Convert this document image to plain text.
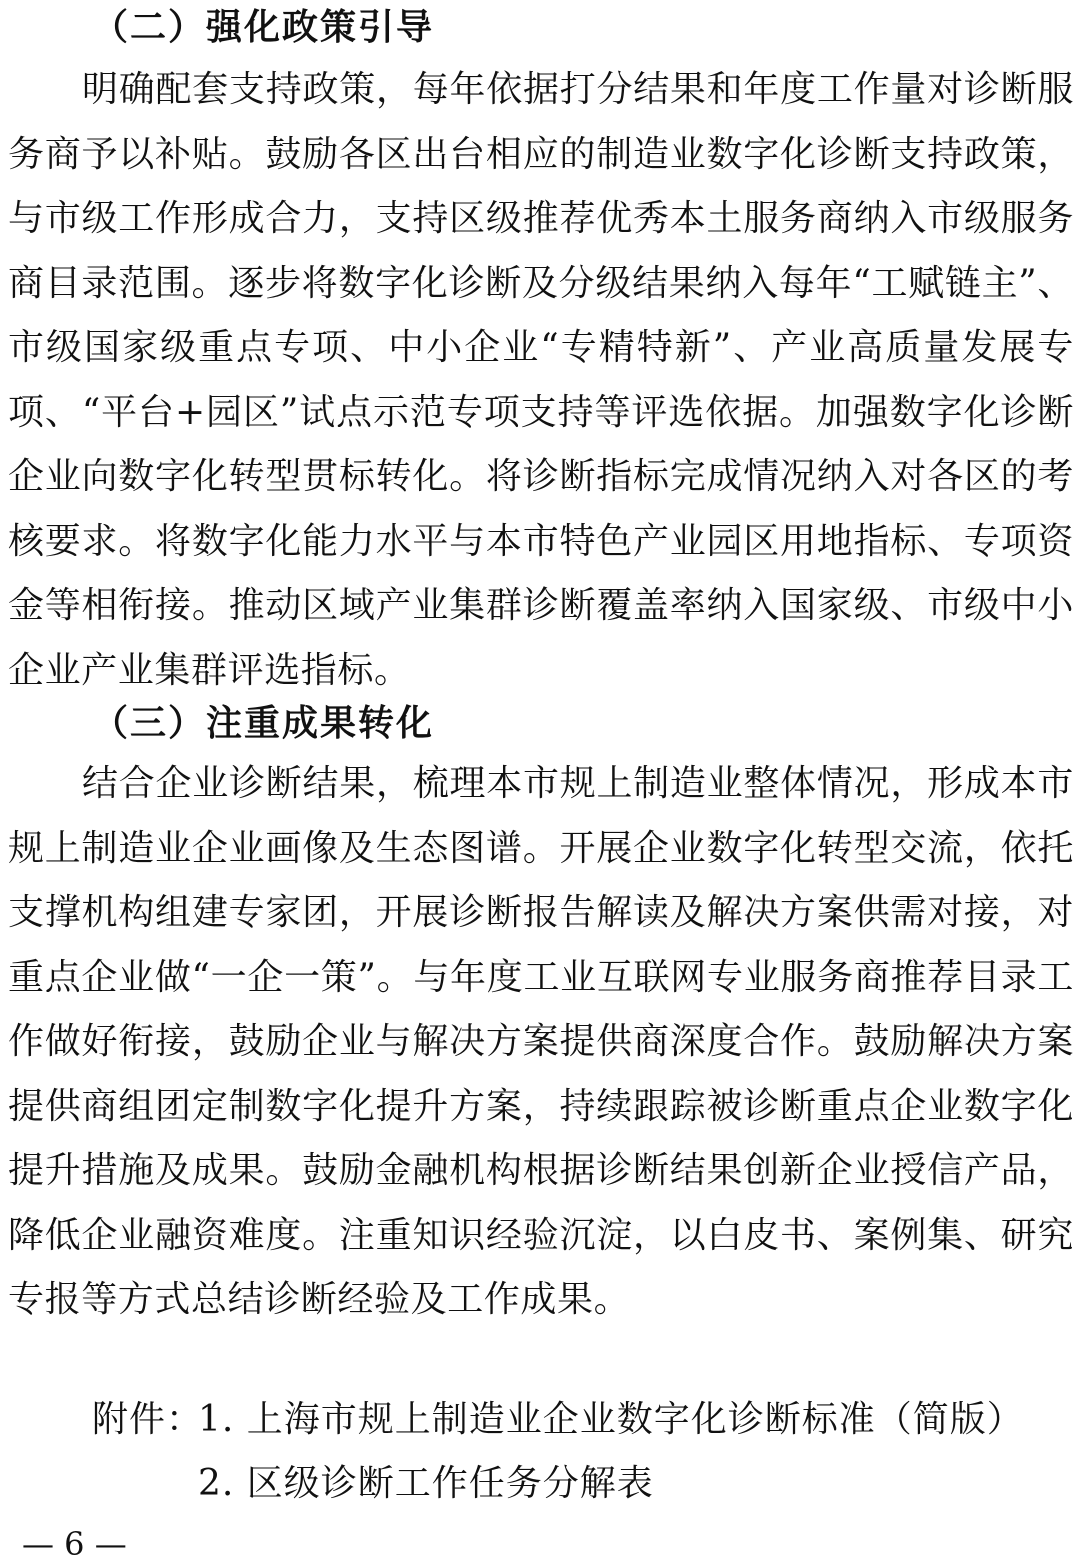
（二）强化政策引导

明确配套支持政策，每年依据打分结果和年度工作量对诊断服务商予以补贴。鼓励各区出台相应的制造业数字化诊断支持政策，与市级工作形成合力，支持区级推荐优秀本土服务商纳入市级服务商目录范围。逐步将数字化诊断及分级结果纳入每年“工赋链主”、市级国家级重点专项、中小企业“专精特新”、产业高质量发展专项、“平台+园区”试点示范专项支持等评选依据。加强数字化诊断企业向数字化转型贯标转化。将诊断指标完成情况纳入对各区的考核要求。将数字化能力水平与本市特色产业园区用地指标、专项资金等相衔接。推动区域产业集群诊断覆盖率纳入国家级、市级中小企业产业集群评选指标。

（三）注重成果转化

结合企业诊断结果，梳理本市规上制造业整体情况，形成本市规上制造业企业画像及生态图谱。开展企业数字化转型交流，依托支撑机构组建专家团，开展诊断报告解读及解决方案供需对接，对重点企业做“一企一策”。与年度工业互联网专业服务商推荐目录工作做好衔接，鼓励企业与解决方案提供商深度合作。鼓励解决方案提供商组团定制数字化提升方案，持续跟踪被诊断重点企业数字化提升措施及成果。鼓励金融机构根据诊断结果创新企业授信产品，降低企业融资难度。注重知识经验沉淀，以白皮书、案例集、研究专报等方式总结诊断经验及工作成果。

附件：
1. 上海市规上制造业企业数字化诊断标准（简版）
2. 区级诊断工作任务分解表
— 6 —
